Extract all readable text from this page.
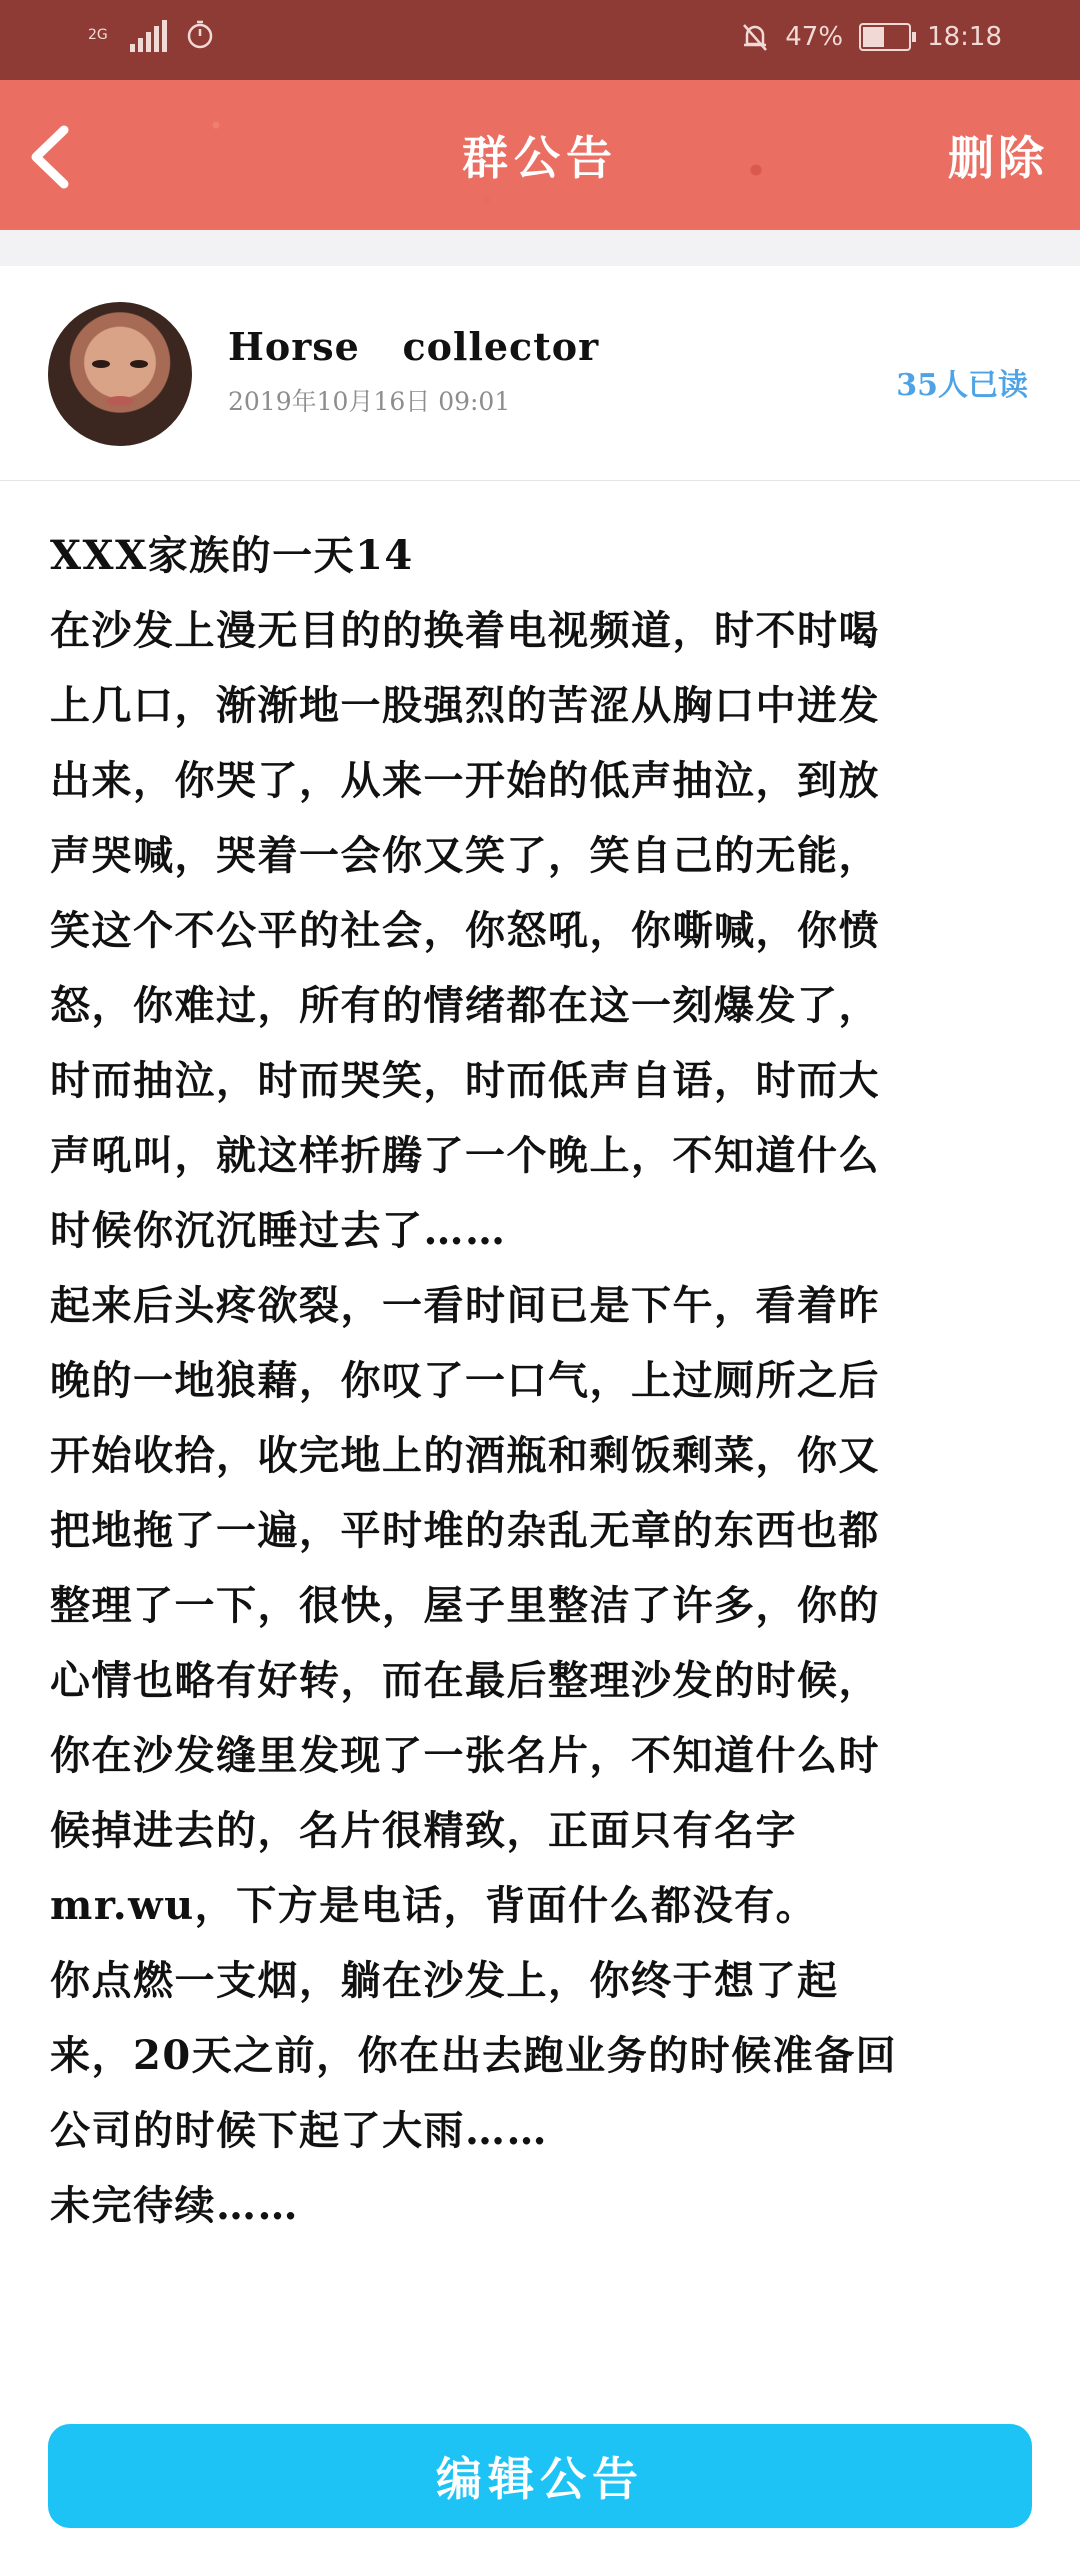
2G	47%	18:18
群公告	删除
Horse   collector
2019年10月16日 09:01	35人已读

XXX家族的一天14

在沙发上漫无目的的换着电视频道，时不时喝

上几口，渐渐地一股强烈的苦涩从胸口中迸发

出来，你哭了，从来一开始的低声抽泣，到放

声哭喊，哭着一会你又笑了，笑自己的无能，

笑这个不公平的社会，你怒吼，你嘶喊，你愤

怒，你难过，所有的情绪都在这一刻爆发了，

时而抽泣，时而哭笑，时而低声自语，时而大

声吼叫，就这样折腾了一个晚上，不知道什么

时候你沉沉睡过去了……

起来后头疼欲裂，一看时间已是下午，看着昨

晚的一地狼藉，你叹了一口气，上过厕所之后

开始收拾，收完地上的酒瓶和剩饭剩菜，你又

把地拖了一遍，平时堆的杂乱无章的东西也都

整理了一下，很快，屋子里整洁了许多，你的

心情也略有好转，而在最后整理沙发的时候，

你在沙发缝里发现了一张名片，不知道什么时

候掉进去的，名片很精致，正面只有名字

mr.wu，下方是电话，背面什么都没有。

你点燃一支烟，躺在沙发上，你终于想了起

来，20天之前，你在出去跑业务的时候准备回

公司的时候下起了大雨……

未完待续……

编辑公告
